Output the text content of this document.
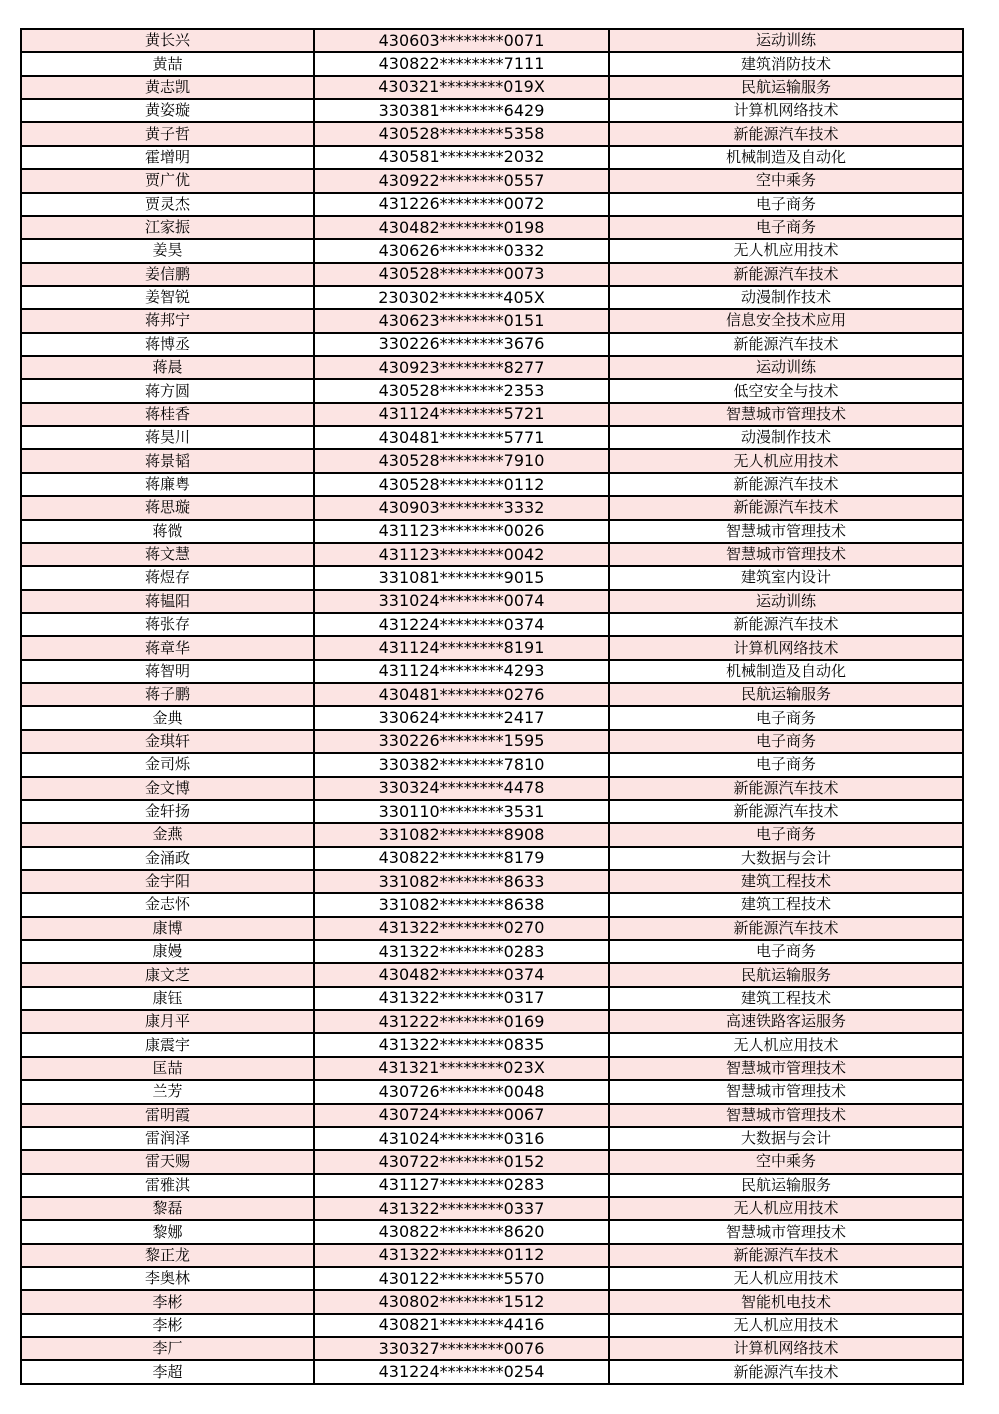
黄长兴	430603********0071	运动训练
黄喆	430822********7111	建筑消防技术
黄志凯	430321********019X	民航运输服务
黄姿璇	330381********6429	计算机网络技术
黄子哲	430528********5358	新能源汽车技术
霍增明	430581********2032	机械制造及自动化
贾广优	430922********0557	空中乘务
贾灵杰	431226********0072	电子商务
江家振	430482********0198	电子商务
姜昊	430626********0332	无人机应用技术
姜信鹏	430528********0073	新能源汽车技术
姜智锐	230302********405X	动漫制作技术
蒋邦宁	430623********0151	信息安全技术应用
蒋博丞	330226********3676	新能源汽车技术
蒋晨	430923********8277	运动训练
蒋方圆	430528********2353	低空安全与技术
蒋桂香	431124********5721	智慧城市管理技术
蒋昊川	430481********5771	动漫制作技术
蒋景韬	430528********7910	无人机应用技术
蒋廉粤	430528********0112	新能源汽车技术
蒋思璇	430903********3332	新能源汽车技术
蒋微	431123********0026	智慧城市管理技术
蒋文慧	431123********0042	智慧城市管理技术
蒋煜存	331081********9015	建筑室内设计
蒋韫阳	331024********0074	运动训练
蒋张存	431224********0374	新能源汽车技术
蒋章华	431124********8191	计算机网络技术
蒋智明	431124********4293	机械制造及自动化
蒋子鹏	430481********0276	民航运输服务
金典	330624********2417	电子商务
金琪轩	330226********1595	电子商务
金司烁	330382********7810	电子商务
金文博	330324********4478	新能源汽车技术
金轩扬	330110********3531	新能源汽车技术
金燕	331082********8908	电子商务
金涌政	430822********8179	大数据与会计
金宇阳	331082********8633	建筑工程技术
金志怀	331082********8638	建筑工程技术
康博	431322********0270	新能源汽车技术
康嫚	431322********0283	电子商务
康文芝	430482********0374	民航运输服务
康钰	431322********0317	建筑工程技术
康月平	431222********0169	高速铁路客运服务
康震宇	431322********0835	无人机应用技术
匡喆	431321********023X	智慧城市管理技术
兰芳	430726********0048	智慧城市管理技术
雷明霞	430724********0067	智慧城市管理技术
雷润泽	431024********0316	大数据与会计
雷天赐	430722********0152	空中乘务
雷雅淇	431127********0283	民航运输服务
黎磊	431322********0337	无人机应用技术
黎娜	430822********8620	智慧城市管理技术
黎正龙	431322********0112	新能源汽车技术
李奥林	430122********5570	无人机应用技术
李彬	430802********1512	智能机电技术
李彬	430821********4416	无人机应用技术
李厂	330327********0076	计算机网络技术
李超	431224********0254	新能源汽车技术
